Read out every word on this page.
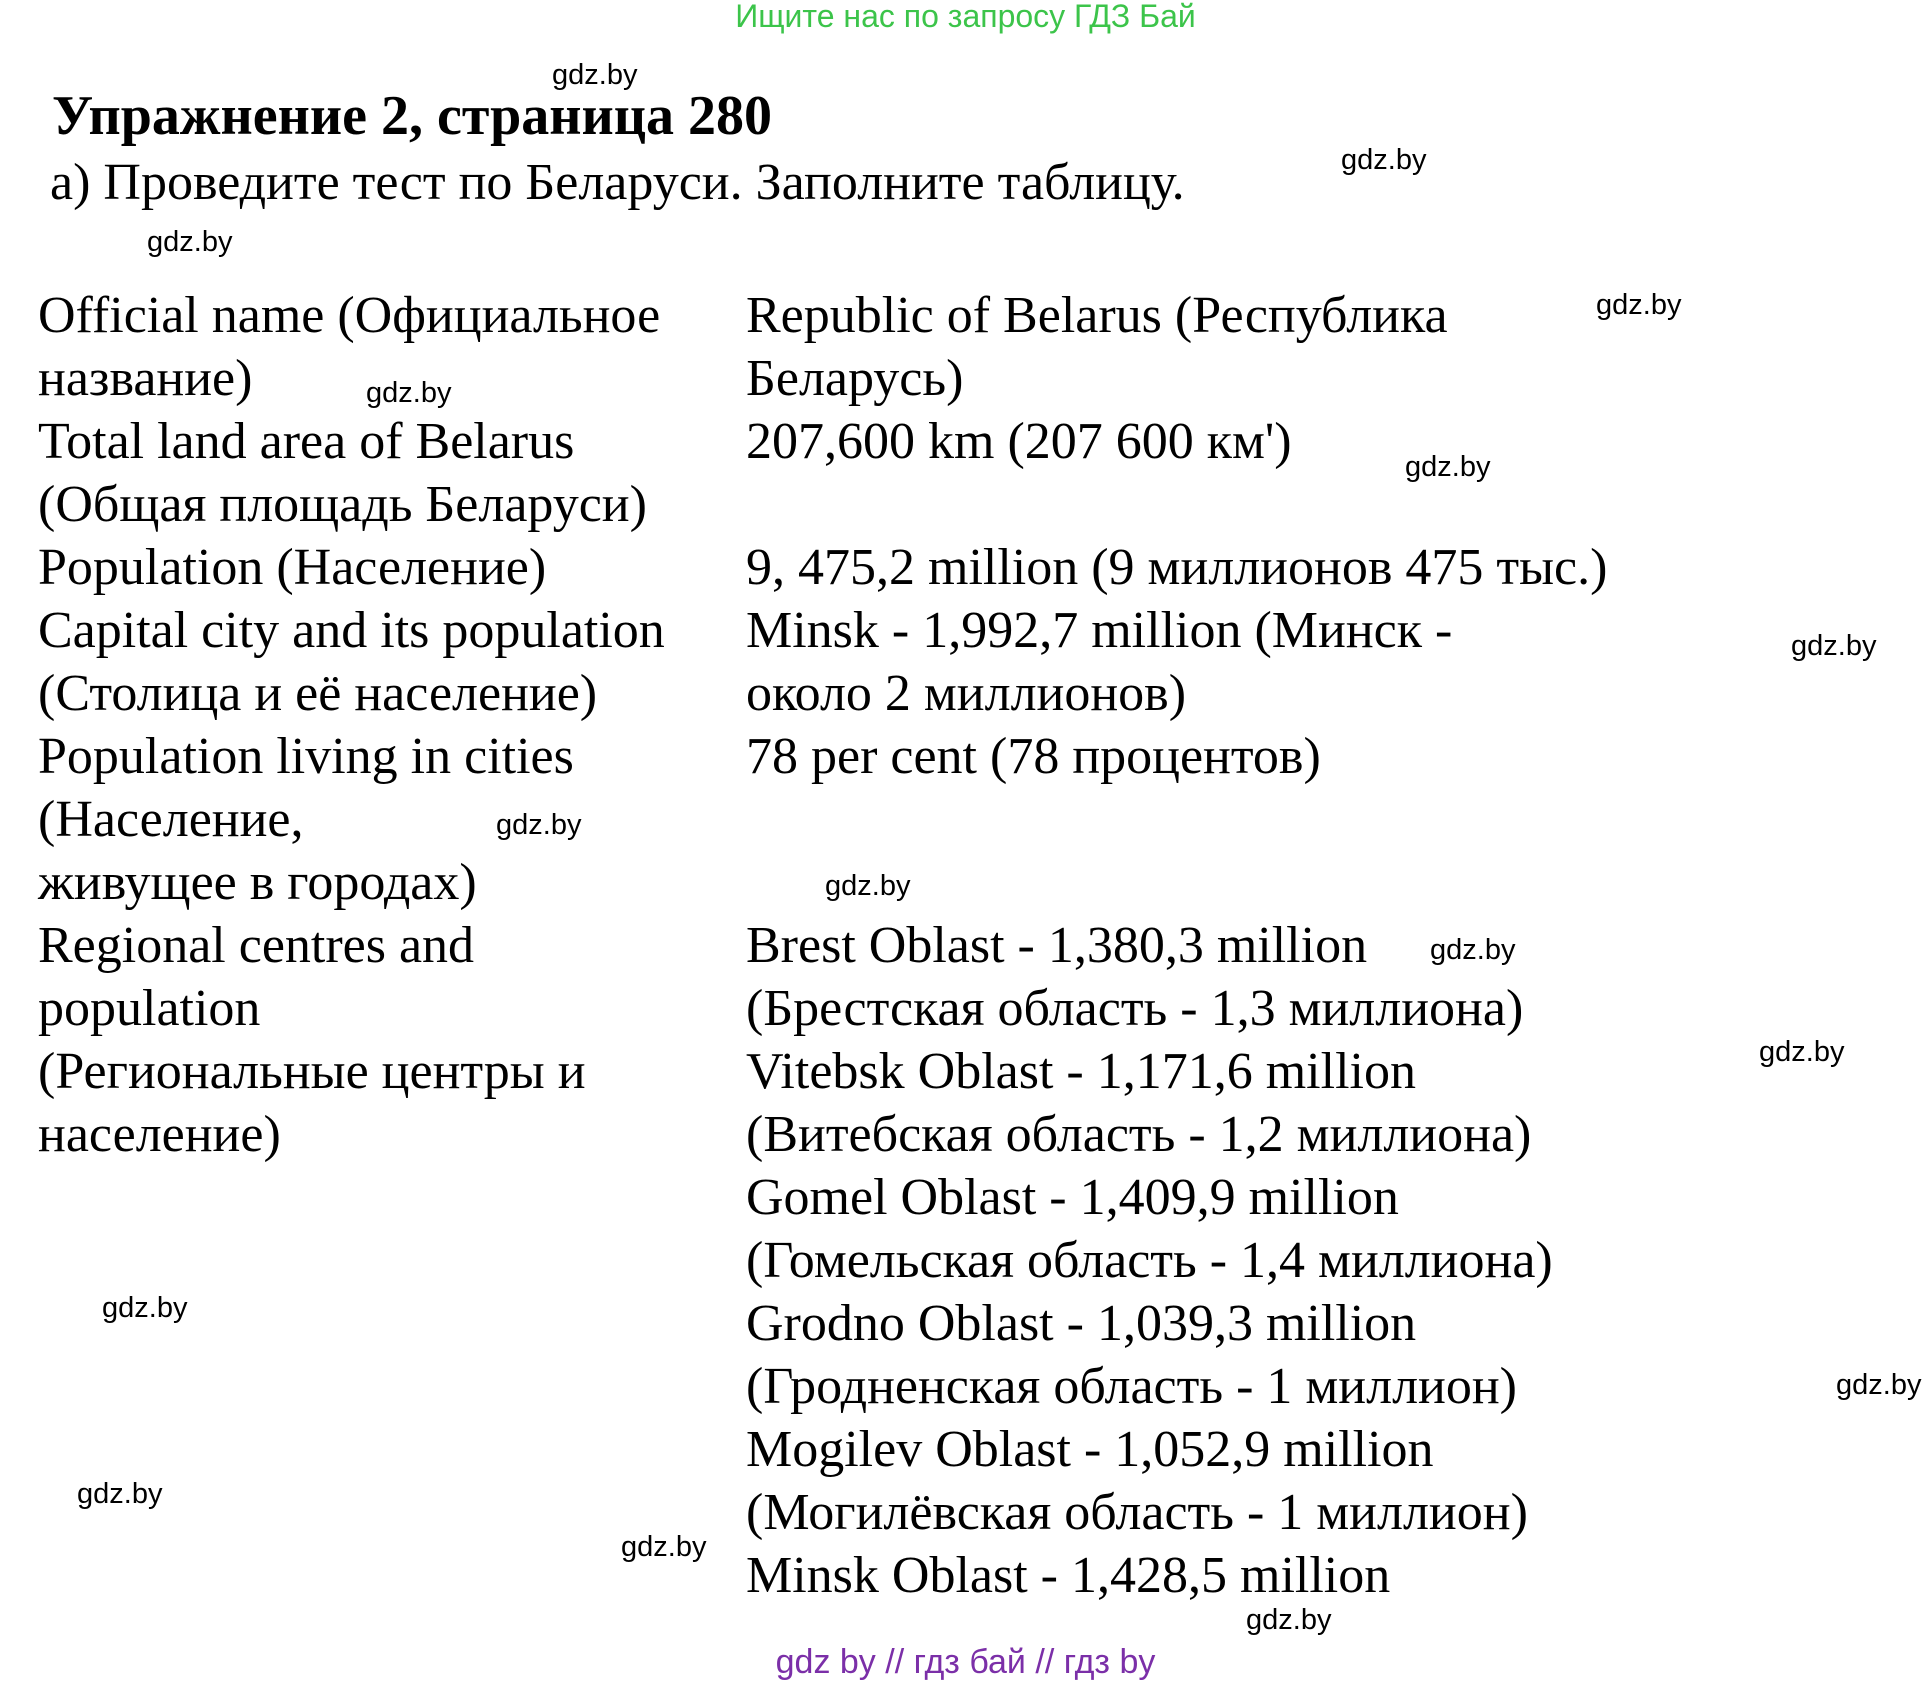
Ищите нас по запросу ГДЗ Бай
Упражнение 2, страница 280
а) Проведите тест по Беларуси. Заполните таблицу.
Official name (Официальное
название)
Total land area of Belarus
(Общая площадь Беларуси)
Population (Население)
Capital city and its population
(Столица и её население)
Population living in cities
(Население,
живущее в городах)
Regional centres and
population
(Региональные центры и
население)
Republic of Belarus (Республика
Беларусь)
207,600 km (207 600 км')
9, 475,2 million (9 миллионов 475 тыс.)
Minsk - 1,992,7 million (Минск -
около 2 миллионов)
78 per cent (78 процентов)
Brest Oblast - 1,380,3 million
(Брестская область - 1,3 миллиона)
Vitebsk Oblast - 1,171,6 million
(Витебская область - 1,2 миллиона)
Gomel Oblast - 1,409,9 million
(Гомельская область - 1,4 миллиона)
Grodno Oblast - 1,039,3 million
(Гродненская область - 1 миллион)
Mogilev Oblast - 1,052,9 million
(Могилёвская область - 1 миллион)
Minsk Oblast - 1,428,5 million
gdz.by
gdz.by
gdz.by
gdz.by
gdz.by
gdz.by
gdz.by
gdz.by
gdz.by
gdz.by
gdz.by
gdz.by
gdz.by
gdz.by
gdz.by
gdz.by
gdz by // гдз бай // гдз by
